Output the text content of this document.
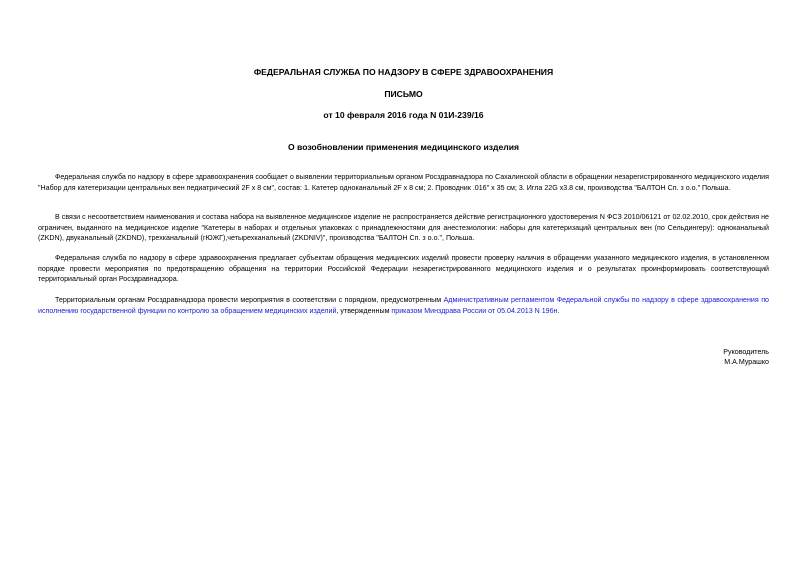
ФЕДЕРАЛЬНАЯ СЛУЖБА ПО НАДЗОРУ В СФЕРЕ ЗДРАВООХРАНЕНИЯ

ПИСЬМО

от 10 февраля 2016 года N 01И-239/16

О возобновлении применения медицинского изделия

Федеральная служба по надзору в сфере здравоохранения сообщает о выявлении территориальным органом Росздравнадзора по Сахалинской области в обращении незарегистрированного медицинского изделия "Набор для катетеризации центральных вен педиатрический 2F x 8 см", состав: 1. Катетер одноканальный 2F x 8 см; 2. Проводник .016" x 35 см; 3. Игла 22G x3.8 см, производства "БАЛТОН Сп. з о.о." Польша.

В связи с несоответствием наименования и состава набора на выявленное медицинское изделие не распространяется действие регистрационного удостоверения N ФСЗ 2010/06121 от 02.02.2010, срок действия не ограничен, выданного на медицинское изделие "Катетеры в наборах и отдельных упаковках с принадлежностями для анестезиологии: наборы для катетеризаций центральных вен (по Сельдингеру): одноканальный (ZKDN), двуканальный (ZKDND), трехканальный (гЮЖГ),четырехканальный (ZKDNIV)", производства "БАЛТОН Сп. з о.о.", Польша.

Федеральная служба по надзору в сфере здравоохранения предлагает субъектам обращения медицинских изделий провести проверку наличия в обращении указанного медицинского изделия, в установленном порядке провести мероприятия по предотвращению обращения на территории Российской Федерации незарегистрированного медицинского изделия и о результатах проинформировать соответствующий территориальный орган Росздравнадзора.

Территориальным органам Росздравнадзора провести мероприятия в соответствии с порядком, предусмотренным Административным регламентом Федеральной службы по надзору в сфере здравоохранения по исполнению государственной функции по контролю за обращением медицинских изделий, утвержденным приказом Минздрава России от 05.04.2013 N 196н.

Руководитель

М.А.Мурашко
